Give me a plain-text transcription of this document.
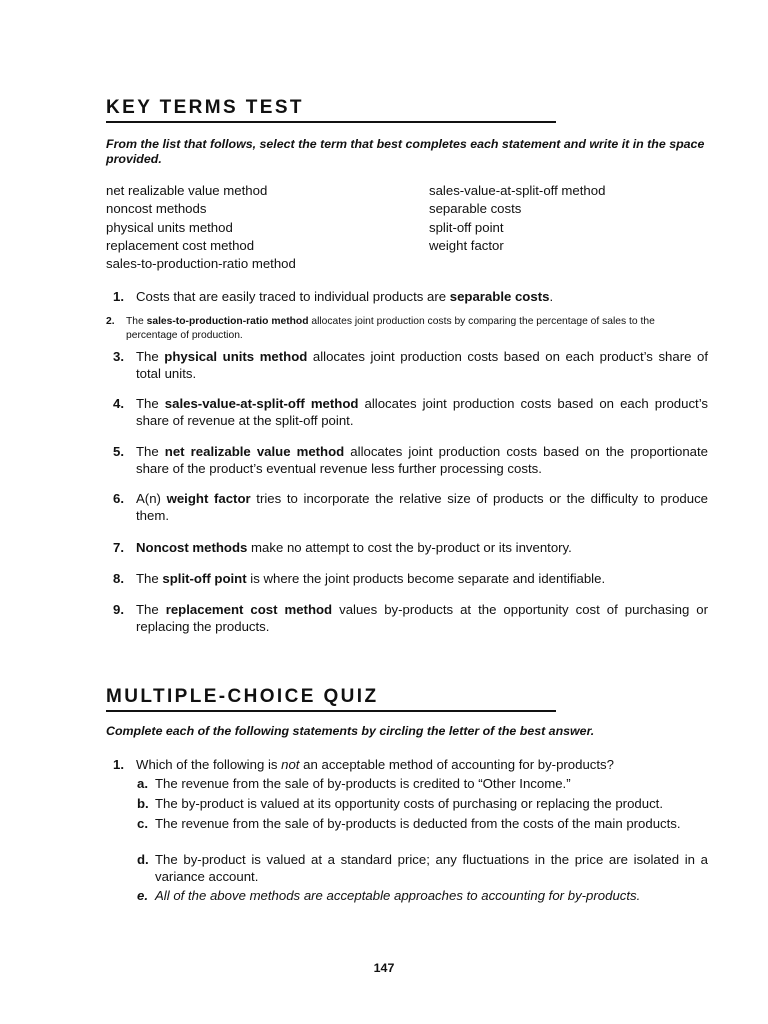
KEY TERMS TEST
From the list that follows, select the term that best completes each statement and write it in the space provided.
net realizable value method
noncost methods
physical units method
replacement cost method
sales-to-production-ratio method
sales-value-at-split-off method
separable costs
split-off point
weight factor
1. Costs that are easily traced to individual products are separable costs.
2. The sales-to-production-ratio method allocates joint production costs by comparing the percentage of sales to the percentage of production.
3. The physical units method allocates joint production costs based on each product’s share of total units.
4. The sales-value-at-split-off method allocates joint production costs based on each product’s share of revenue at the split-off point.
5. The net realizable value method allocates joint production costs based on the proportionate share of the product’s eventual revenue less further processing costs.
6. A(n) weight factor tries to incorporate the relative size of products or the difficulty to produce them.
7. Noncost methods make no attempt to cost the by-product or its inventory.
8. The split-off point is where the joint products become separate and identifiable.
9. The replacement cost method values by-products at the opportunity cost of purchasing or replacing the products.
MULTIPLE-CHOICE QUIZ
Complete each of the following statements by circling the letter of the best answer.
1. Which of the following is not an acceptable method of accounting for by-products?
a. The revenue from the sale of by-products is credited to “Other Income.”
b. The by-product is valued at its opportunity costs of purchasing or replacing the product.
c. The revenue from the sale of by-products is deducted from the costs of the main products.
d. The by-product is valued at a standard price; any fluctuations in the price are isolated in a variance account.
e. All of the above methods are acceptable approaches to accounting for by-products.
147
